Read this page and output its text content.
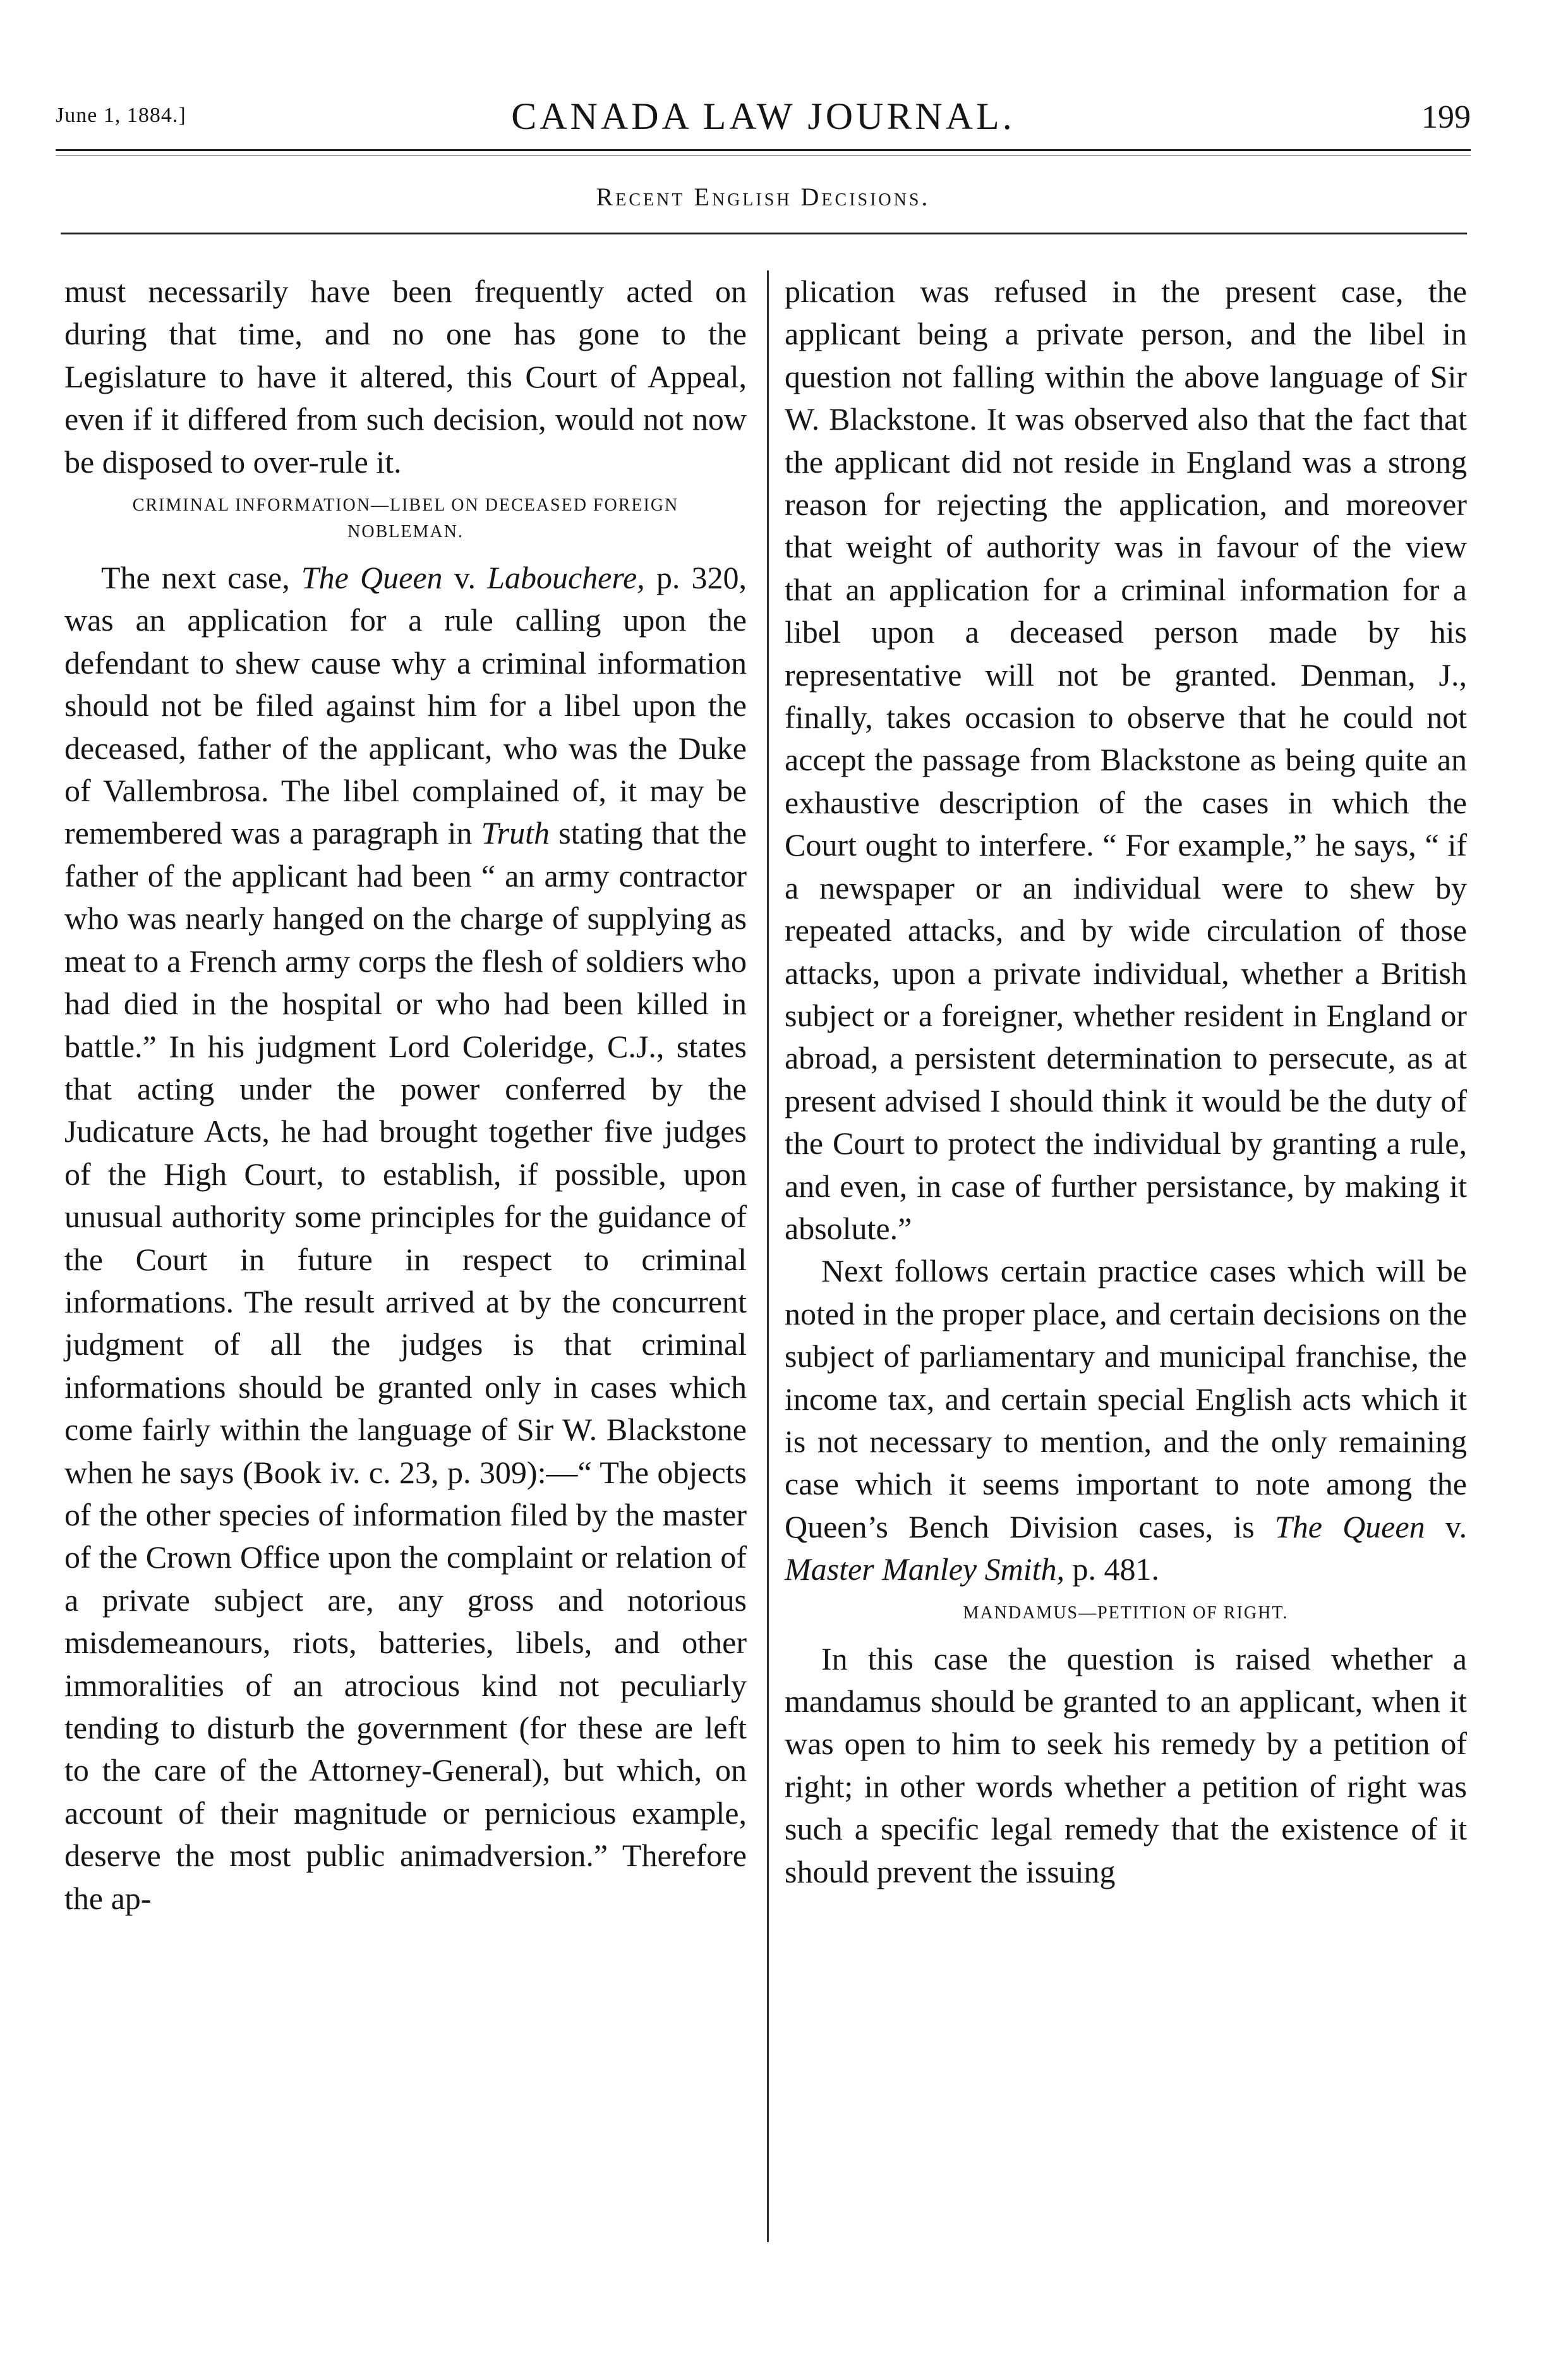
June 1, 1884.]	CANADA LAW JOURNAL.	199
Recent English Decisions.

must necessarily have been frequently acted on during that time, and no one has gone to the Legislature to have it altered, this Court of Appeal, even if it differed from such decision, would not now be disposed to over-rule it.

CRIMINAL INFORMATION—LIBEL ON DECEASED FOREIGN
NOBLEMAN.

The next case, The Queen v. Labouchere, p. 320, was an application for a rule calling upon the defendant to shew cause why a criminal information should not be filed against him for a libel upon the deceased, father of the applicant, who was the Duke of Vallembrosa. The libel complained of, it may be remembered was a paragraph in Truth stating that the father of the applicant had been “ an army contractor who was nearly hanged on the charge of supplying as meat to a French army corps the flesh of soldiers who had died in the hospital or who had been killed in battle.” In his judgment Lord Coleridge, C.J., states that acting under the power conferred by the Judicature Acts, he had brought together five judges of the High Court, to establish, if possible, upon unusual authority some principles for the guidance of the Court in future in respect to criminal informations. The result arrived at by the concurrent judgment of all the judges is that criminal informations should be granted only in cases which come fairly within the language of Sir W. Blackstone when he says (Book iv. c. 23, p. 309):—“ The objects of the other species of information filed by the master of the Crown Office upon the complaint or relation of a private subject are, any gross and notorious misdemeanours, riots, batteries, libels, and other immoralities of an atrocious kind not peculiarly tending to disturb the government (for these are left to the care of the Attorney-General), but which, on account of their magnitude or pernicious example, deserve the most public animadversion.” Therefore the ap-

plication was refused in the present case, the applicant being a private person, and the libel in question not falling within the above language of Sir W. Blackstone. It was observed also that the fact that the applicant did not reside in England was a strong reason for rejecting the application, and moreover that weight of authority was in favour of the view that an application for a criminal information for a libel upon a deceased person made by his representative will not be granted. Denman, J., finally, takes occasion to observe that he could not accept the passage from Blackstone as being quite an exhaustive description of the cases in which the Court ought to interfere. “ For example,” he says, “ if a newspaper or an individual were to shew by repeated attacks, and by wide circulation of those attacks, upon a private individual, whether a British subject or a foreigner, whether resident in England or abroad, a persistent determination to persecute, as at present advised I should think it would be the duty of the Court to protect the individual by granting a rule, and even, in case of further persistance, by making it absolute.”

Next follows certain practice cases which will be noted in the proper place, and certain decisions on the subject of parliamentary and municipal franchise, the income tax, and certain special English acts which it is not necessary to mention, and the only remaining case which it seems important to note among the Queen’s Bench Division cases, is The Queen v. Master Manley Smith, p. 481.

MANDAMUS—PETITION OF RIGHT.

In this case the question is raised whether a mandamus should be granted to an applicant, when it was open to him to seek his remedy by a petition of right; in other words whether a petition of right was such a specific legal remedy that the existence of it should prevent the issuing
